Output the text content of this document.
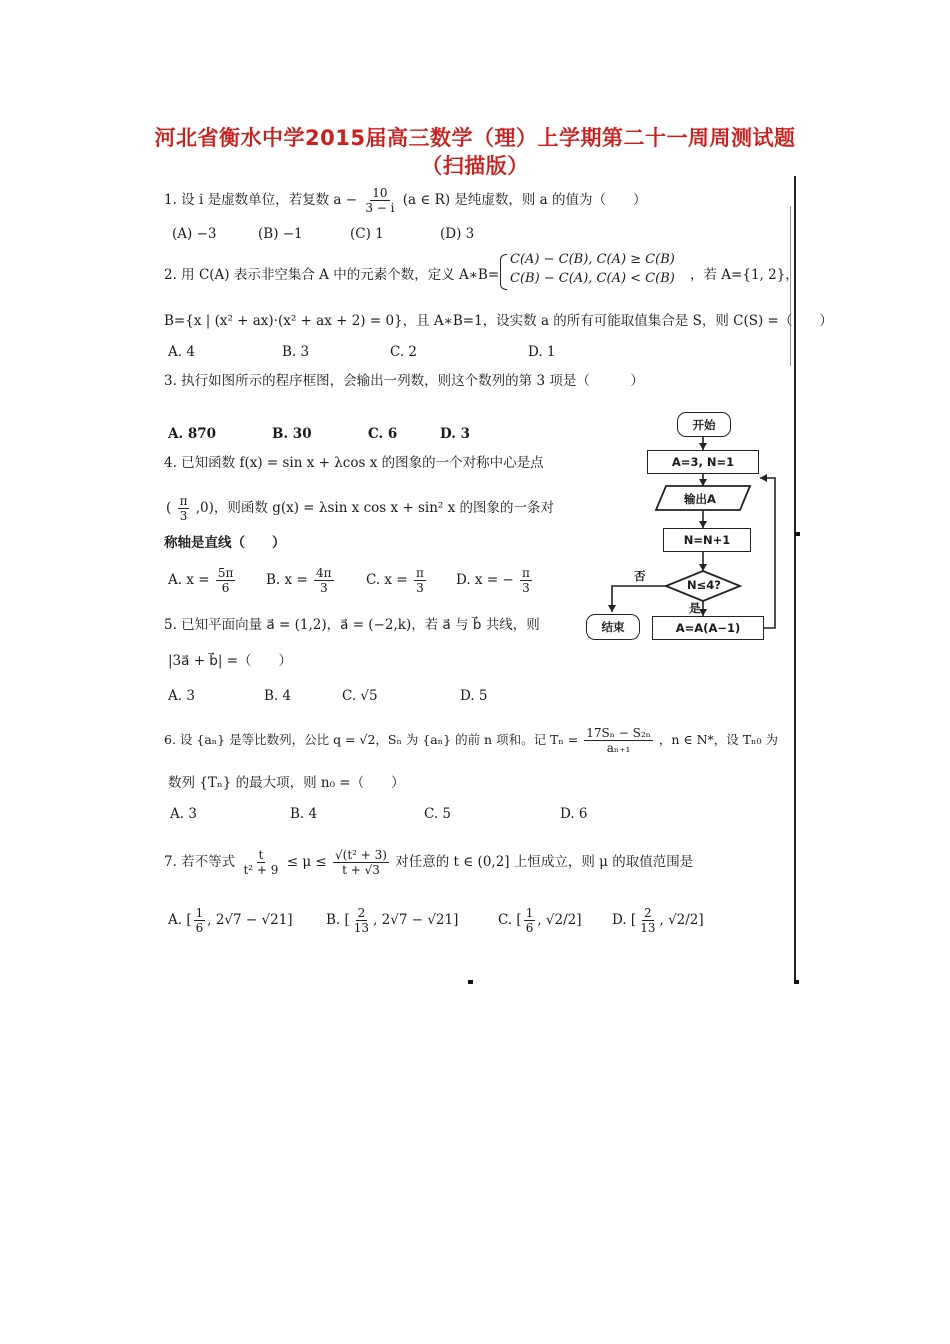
河北省衡水中学2015届高三数学（理）上学期第二十一周周测试题
（扫描版）
1. 设 i 是虚数单位，若复数 $a - \frac{10}{3 - i} (a$ ∈ R) 是纯虚数，则 a 的值为（　　）
(A) −3	(B) −1	(C) 1	(D) 3
2. 用 C(A) 表示非空集合 A 中的元素个数，定义 A∗B=
C(A) − C(B), C(A) ≥ C(B)
C(B) − C(A), C(A) < C(B) ，若 A={1, 2}，
B={x | (x² + ax)·(x² + ax + 2) = 0}，且 A∗B=1，设实数 a 的所有可能取值集合是 S，则 C(S) =（　　）
A. 4	B. 3	C. 2	D. 1
3. 执行如图所示的程序框图，会输出一列数，则这个数列的第 3 项是（　　　）
A. 870	B. 30	C. 6	D. 3
4. 已知函数 f(x) = sin x + λcos x 的图象的一个对称中心是点
( $\frac{\pi}{3} ,0$)，则函数 g(x) = λsin x cos x + sin² x 的图象的一条对
称轴是直线（　　）
A. $x = \frac{5\pi}{6} B$. $x = \frac{4\pi}{3} C$. $x = \frac{\pi}{3} D$. x = − $\frac{\pi}{3}$
5. 已知平面向量 a⃗ = (1,2)，a⃗ = (−2,k)，若 a⃗ 与 b⃗ 共线，则
|3a⃗ + b⃗| =（　　）
A. 3	B. 4	C. √5	D. 5
6. 设 {aₙ} 是等比数列，公比 q = √2，Sₙ 为 {aₙ} 的前 n 项和。记 $T_n = \frac{\text{17Sₙ − S₂ₙ}}{\text{aₙ₊₁}}$ ，n ∈ N*，设 Tₙ₀ 为
数列 {Tₙ} 的最大项，则 n₀ =（　　）
A. 3	B. 4	C. 5	D. 6
7. 若不等式 $\frac{t}{\text{t² + 9}} \le \mu \le \frac{\text{√(t² + 3)}}{t + √3}$ 对任意的 t ∈ (0,2] 上恒成立，则 μ 的取值范围是
A. [ $\frac{1}{6}$ , 2√7 − √21] B. [ $\frac{2}{13}$ , 2√7 − √21]	C. [ $\frac{1}{6}$ , √2/2] D. [ $\frac{2}{13}$ , √2/2]
开始
A=3, N=1
输出A
N=N+1
N≤4?
否
是
结束	A=A(A−1)
